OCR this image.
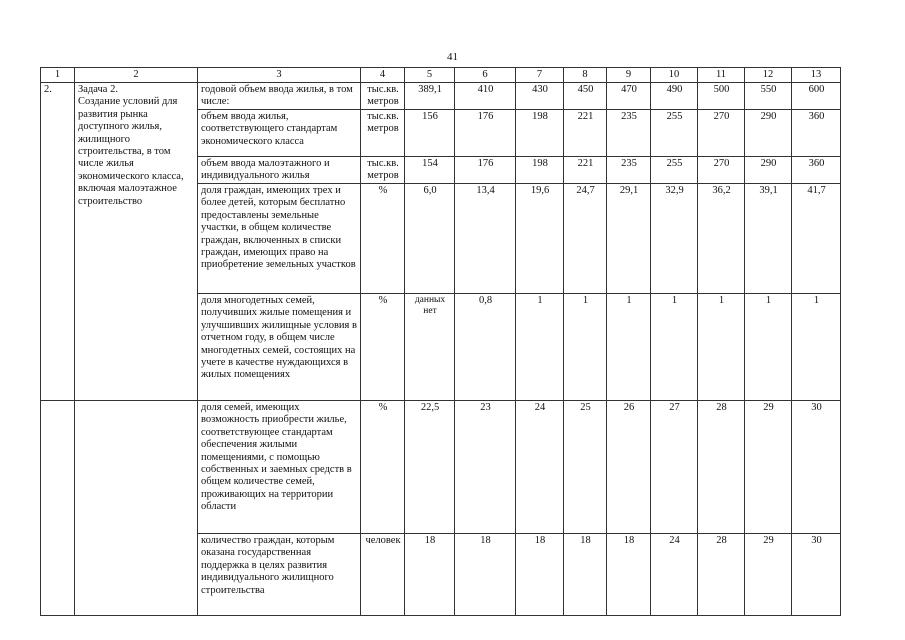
41
1	2	3	4	5	6	7	8	9	10	11	12	13
2.	Задача 2.
Создание условий для развития рынка доступного жилья, жилищного строительства, в том числе жилья экономического класса, включая малоэтажное строительство	годовой объем ввода жилья, в том числе:	тыс.кв. метров	389,1	410	430	450	470	490	500	550	600
		объем ввода жилья, соответствующего стандартам экономического класса	тыс.кв. метров	156	176	198	221	235	255	270	290	360
		объем ввода малоэтажного и индивидуального жилья	тыс.кв. метров	154	176	198	221	235	255	270	290	360
		доля граждан, имеющих трех и более детей, которым бесплатно предоставлены земельные участки, в общем количестве граждан, включенных в списки граждан, имеющих право на приобретение земельных участков	%	6,0	13,4	19,6	24,7	29,1	32,9	36,2	39,1	41,7
		доля многодетных семей, получивших жилые помещения и улучшивших жилищные условия в отчетном году, в общем числе многодетных семей, состоящих на учете в качестве нуждающихся в жилых помещениях	%	данных нет	0,8	1	1	1	1	1	1	1
		доля семей, имеющих возможность приобрести жилье, соответствующее стандартам обеспечения жилыми помещениями, с помощью собственных и заемных средств в общем количестве семей, проживающих на территории области	%	22,5	23	24	25	26	27	28	29	30
		количество граждан, которым оказана государственная поддержка в целях развития индивидуального жилищного строительства	человек	18	18	18	18	18	24	28	29	30
